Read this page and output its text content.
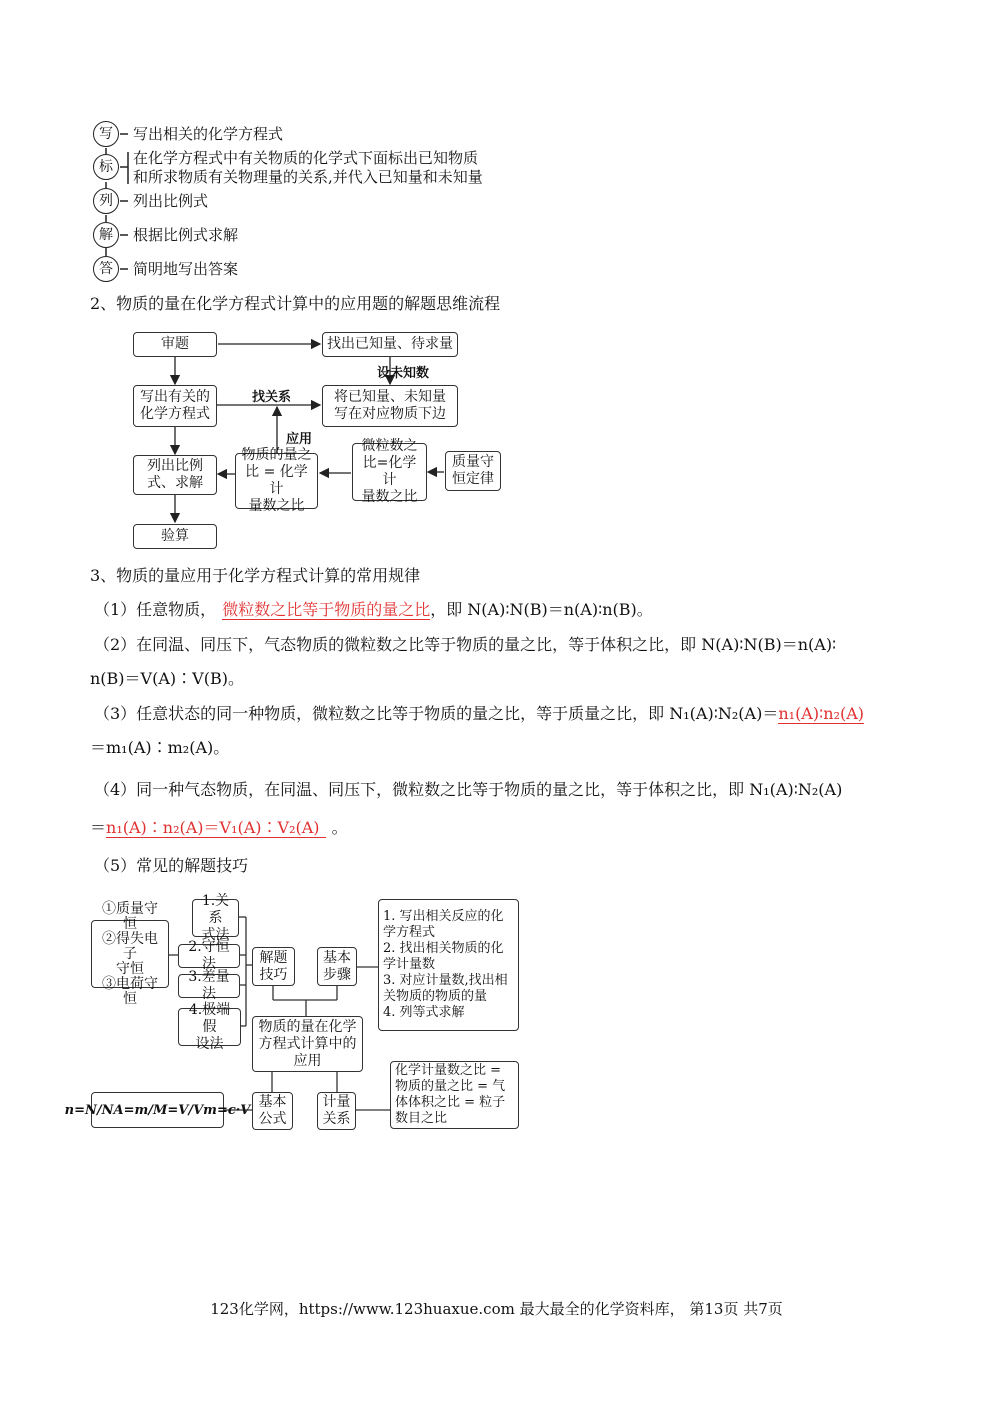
写	写出相关的化学方程式
标	在化学方程式中有关物质的化学式下面标出已知物质
和所求物质有关物理量的关系,并代入已知量和未知量
列	列出比例式
解	根据比例式求解
答	简明地写出答案
2、物质的量在化学方程式计算中的应用题的解题思维流程
审题	找出已知量、待求量
设未知数
写出有关的
化学方程式
找关系	将已知量、未知量
写在对应物质下边
应用
列出比例
式、求解
物质的量之
比 = 化学计
量数之比
微粒数之
比=化学计
量数之比
质量守
恒定律
验算
3、物质的量应用于化学方程式计算的常用规律
（1）任意物质， 微粒数之比等于物质的量之比，即 N(A)∶N(B)＝n(A)∶n(B)。
（2）在同温、同压下，气态物质的微粒数之比等于物质的量之比，等于体积之比，即 N(A)∶N(B)＝n(A)∶
n(B)＝V(A)∶V(B)。
（3）任意状态的同一种物质，微粒数之比等于物质的量之比，等于质量之比，即 N₁(A)∶N₂(A)＝n₁(A)∶n₂(A)
＝m₁(A)∶m₂(A)。
（4）同一种气态物质，在同温、同压下，微粒数之比等于物质的量之比，等于体积之比，即 N₁(A)∶N₂(A)
＝n₁(A)∶n₂(A)＝V₁(A)∶V₂(A) 。
（5）常见的解题技巧
①质量守恒
②得失电子
守恒
③电荷守恒
1.关系
式法
2.守恒法
3.差量法
4.极端假
设法
解题
技巧
基本
步骤
1. 写出相关反应的化
学方程式
2. 找出相关物质的化
学计量数
3. 对应计量数,找出相
关物质的物质的量
4. 列等式求解
物质的量在化学
方程式计算中的
应用
n=N/NA=m/M=V/Vm=c·V 基本
公式
计量
关系
化学计量数之比 =
物质的量之比 = 气
体体积之比 = 粒子
数目之比
123化学网，https://www.123huaxue.com 最大最全的化学资料库， 第13页 共7页
